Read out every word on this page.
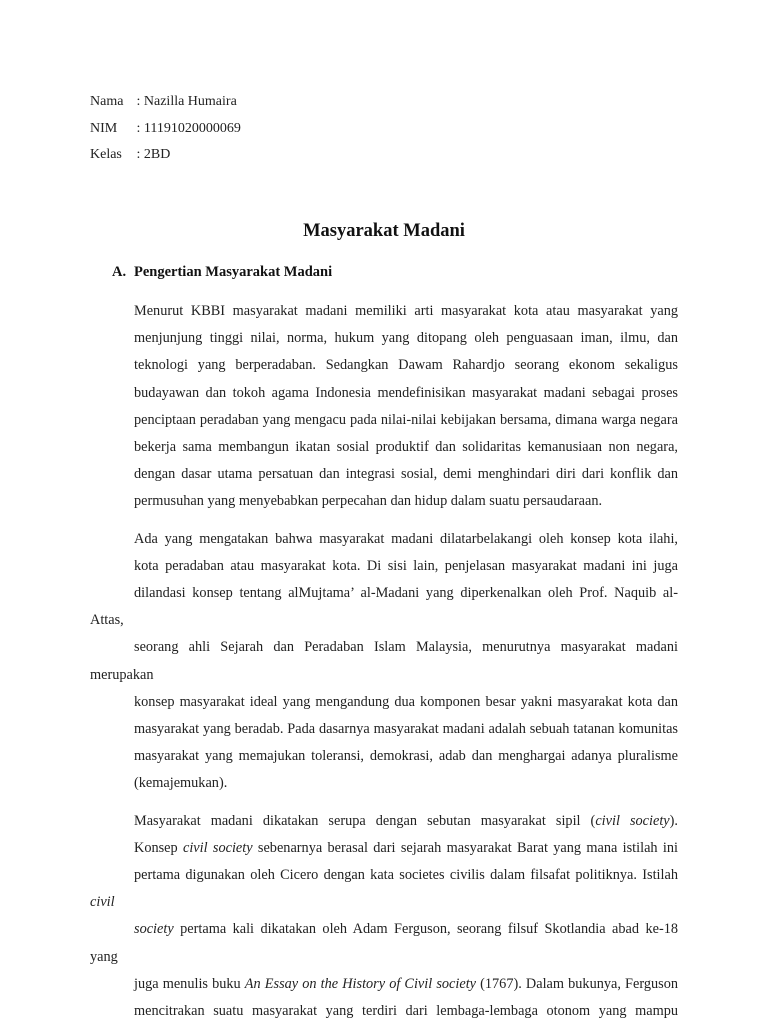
Nama : Nazilla Humaira
NIM : 11191020000069
Kelas : 2BD
Masyarakat Madani
A. Pengertian Masyarakat Madani
Menurut KBBI masyarakat madani memiliki arti masyarakat kota atau masyarakat yang
menjunjung tinggi nilai, norma, hukum yang ditopang oleh penguasaan iman, ilmu, dan
teknologi yang berperadaban. Sedangkan Dawam Rahardjo seorang ekonom sekaligus
budayawan dan tokoh agama Indonesia mendefinisikan masyarakat madani sebagai proses
penciptaan peradaban yang mengacu pada nilai-nilai kebijakan bersama, dimana warga negara
bekerja sama membangun ikatan sosial produktif dan solidaritas kemanusiaan non negara,
dengan dasar utama persatuan dan integrasi sosial, demi menghindari diri dari konflik dan
permusuhan yang menyebabkan perpecahan dan hidup dalam suatu persaudaraan.
Ada yang mengatakan bahwa masyarakat madani dilatarbelakangi oleh konsep kota ilahi,
kota peradaban atau masyarakat kota. Di sisi lain, penjelasan masyarakat madani ini juga
dilandasi konsep tentang alMujtama’ al-Madani yang diperkenalkan oleh Prof. Naquib al-Attas,
seorang ahli Sejarah dan Peradaban Islam Malaysia, menurutnya masyarakat madani merupakan
konsep masyarakat ideal yang mengandung dua komponen besar yakni masyarakat kota dan
masyarakat yang beradab. Pada dasarnya masyarakat madani adalah sebuah tatanan komunitas
masyarakat yang memajukan toleransi, demokrasi, adab dan menghargai adanya pluralisme
(kemajemukan).
Masyarakat madani dikatakan serupa dengan sebutan masyarakat sipil (civil society).
Konsep civil society sebenarnya berasal dari sejarah masyarakat Barat yang mana istilah ini
pertama digunakan oleh Cicero dengan kata societes civilis dalam filsafat politiknya. Istilah civil
society pertama kali dikatakan oleh Adam Ferguson, seorang filsuf Skotlandia abad ke-18 yang
juga menulis buku An Essay on the History of Civil society (1767). Dalam bukunya, Ferguson
mencitrakan suatu masyarakat yang terdiri dari lembaga-lembaga otonom yang mampu
